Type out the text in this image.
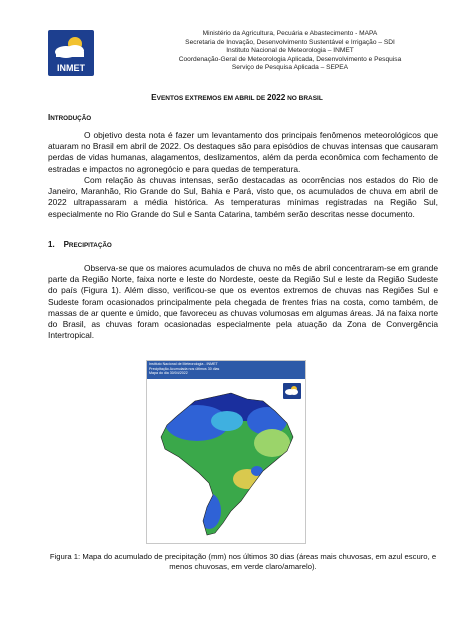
INMET
Ministério da Agricultura, Pecuária e Abastecimento - MAPA
Secretaria de Inovação, Desenvolvimento Sustentável e Irrigação – SDI
Instituto Nacional de Meteorologia – INMET
Coordenação-Geral de Meteorologia Aplicada, Desenvolvimento e Pesquisa
Serviço de Pesquisa Aplicada – SEPEA
EVENTOS EXTREMOS EM ABRIL DE 2022 NO BRASIL
INTRODUÇÃO
O objetivo desta nota é fazer um levantamento dos principais fenômenos meteorológicos que atuaram no Brasil em abril de 2022. Os destaques são para episódios de chuvas intensas que causaram perdas de vidas humanas, alagamentos, deslizamentos, além da perda econômica com fechamento de estradas e impactos no agronegócio e para quedas de temperatura.
Com relação às chuvas intensas, serão destacadas as ocorrências nos estados do Rio de Janeiro, Maranhão, Rio Grande do Sul, Bahia e Pará, visto que, os acumulados de chuva em abril de 2022 ultrapassaram a média histórica. As temperaturas mínimas registradas na Região Sul, especialmente no Rio Grande do Sul e Santa Catarina, também serão descritas nesse documento.
1. PRECIPITAÇÃO
Observa-se que os maiores acumulados de chuva no mês de abril concentraram-se em grande parte da Região Norte, faixa norte e leste do Nordeste, oeste da Região Sul e leste da Região Sudeste do país (Figura 1). Além disso, verificou-se que os eventos extremos de chuvas nas Regiões Sul e Sudeste foram ocasionados principalmente pela chegada de frentes frias na costa, como também, de massas de ar quente e úmido, que favoreceu as chuvas volumosas em algumas áreas. Já na faixa norte do Brasil, as chuvas foram ocasionadas especialmente pela atuação da Zona de Convergência Intertropical.
Instituto Nacional de Meteorologia - INMET
Precipitação Acumulada nos últimos 30 dias
Mapa do dia 30/04/2022
Figura 1: Mapa do acumulado de precipitação (mm) nos últimos 30 dias (áreas mais chuvosas, em azul escuro, e menos chuvosas, em verde claro/amarelo).
